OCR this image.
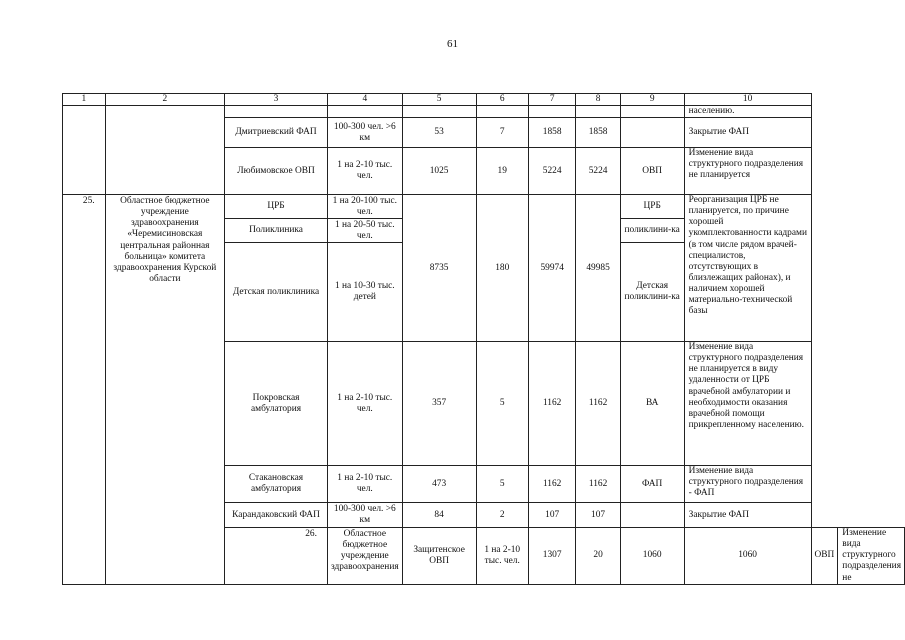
61
1	2	3	4	5	6	7	8	9	10		
									населению.		
		Дмитриевский ФАП	100-300 чел. >6 км	53	7	1858	1858		Закрытие ФАП		
		Любимовское ОВП	1 на 2-10 тыс. чел.	1025	19	5224	5224	ОВП	Изменение вида структурного подразделения не планируется		
25.	Областное бюджетное учреждение здравоохранения «Черемисиновская центральная районная больница» комитета здравоохранения Курской области	ЦРБ	1 на 20-100 тыс. чел.	8735	180	59974	49985	ЦРБ	Реорганизация ЦРБ не планируется, по причине хорошей укомплектованности кадрами (в том числе рядом врачей-специалистов, отсутствующих в близлежащих районах), и наличием хорошей материально-технической базы		
		Поликлиника	1 на 20-50 тыс. чел.					поликлини-ка			
		Детская поликлиника	1 на 10-30 тыс. детей					Детская поликлини-ка			
		Покровская амбулатория	1 на 2-10 тыс. чел.	357	5	1162	1162	ВА	Изменение вида структурного подразделения не планируется в виду удаленности от ЦРБ врачебной амбулатории и необходимости оказания врачебной помощи прикрепленному населению.		
		Стакановская амбулатория	1 на 2-10 тыс. чел.	473	5	1162	1162	ФАП	Изменение вида структурного подразделения - ФАП		
		Карандаковский ФАП	100-300 чел. >6 км	84	2	107	107		Закрытие ФАП		
		26.	Областное бюджетное учреждение здравоохранения	Защитенское ОВП	1 на 2-10 тыс. чел.	1307	20	1060	1060	ОВП	Изменение вида структурного подразделения не
